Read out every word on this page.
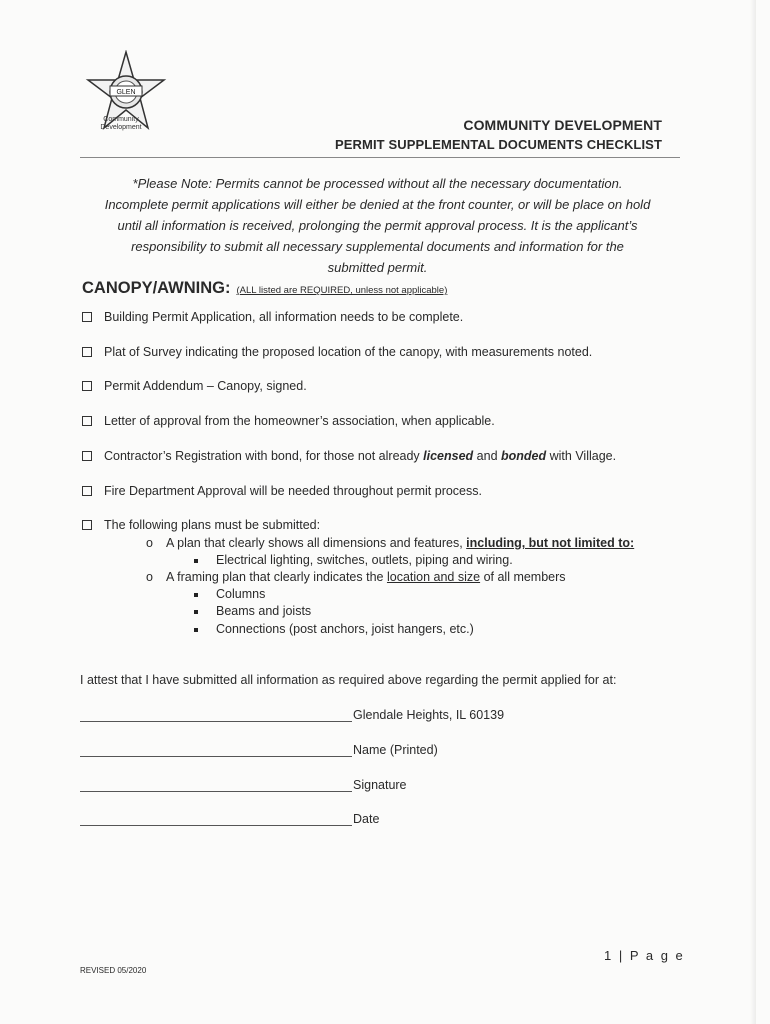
GLEN
Community
Development	COMMUNITY DEVELOPMENT
PERMIT SUPPLEMENTAL DOCUMENTS CHECKLIST
*Please Note: Permits cannot be processed without all the necessary documentation.
Incomplete permit applications will either be denied at the front counter, or will be place on hold
until all information is received, prolonging the permit approval process. It is the applicant’s
responsibility to submit all necessary supplemental documents and information for the
submitted permit.
CANOPY/AWNING: (ALL listed are REQUIRED, unless not applicable)
Building Permit Application, all information needs to be complete.
Plat of Survey indicating the proposed location of the canopy, with measurements noted.
Permit Addendum – Canopy, signed.
Letter of approval from the homeowner’s association, when applicable.
Contractor’s Registration with bond, for those not already licensed and bonded with Village.
Fire Department Approval will be needed throughout permit process.
The following plans must be submitted:
o A plan that clearly shows all dimensions and features, including, but not limited to:
Electrical lighting, switches, outlets, piping and wiring.
o A framing plan that clearly indicates the location and size of all members
Columns
Beams and joists
Connections (post anchors, joist hangers, etc.)
I attest that I have submitted all information as required above regarding the permit applied for at:
Glendale Heights, IL 60139
Name (Printed)
Signature
Date
1 | P a g e
REVISED 05/2020
